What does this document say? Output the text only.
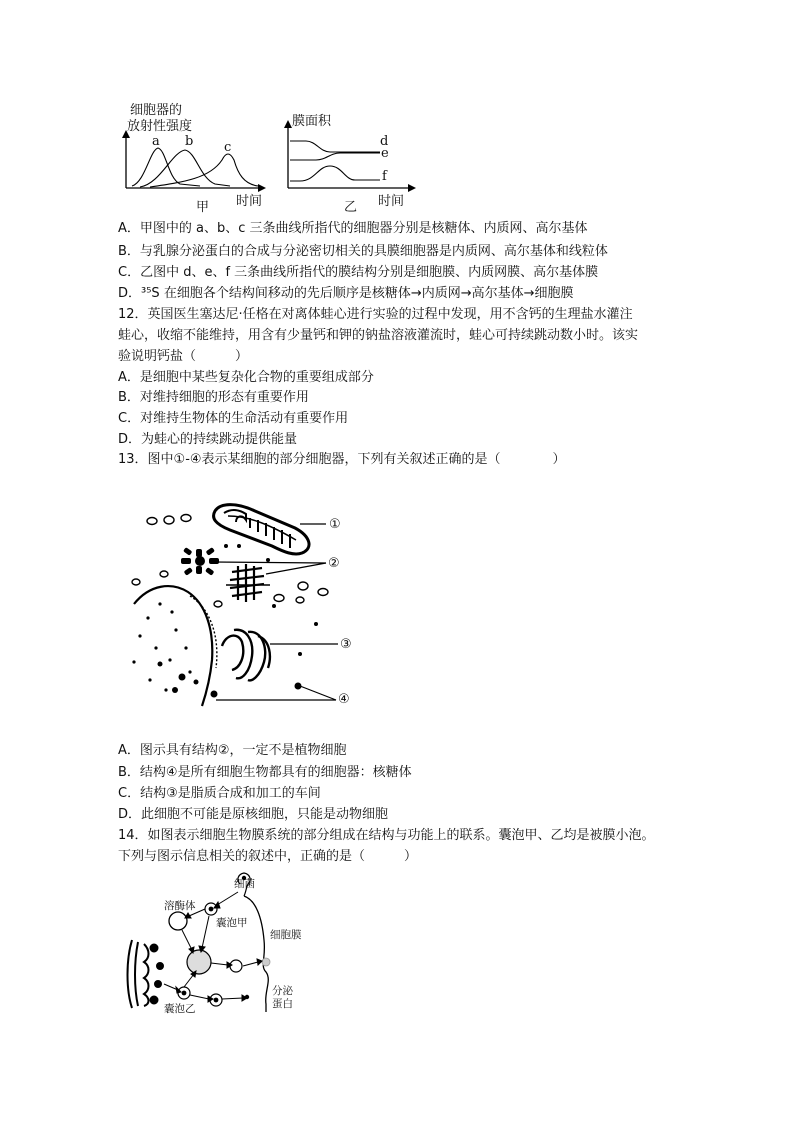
细胞器的
放射性强度
a b c
时间
甲
膜面积
d
e
f
时间
乙
A．甲图中的 a、b、c 三条曲线所指代的细胞器分别是核糖体、内质网、高尔基体
B．与乳腺分泌蛋白的合成与分泌密切相关的具膜细胞器是内质网、高尔基体和线粒体
C．乙图中 d、e、f 三条曲线所指代的膜结构分别是细胞膜、内质网膜、高尔基体膜
D．³⁵S 在细胞各个结构间移动的先后顺序是核糖体→内质网→高尔基体→细胞膜
12．英国医生塞达尼·任格在对离体蛙心进行实验的过程中发现，用不含钙的生理盐水灌注
蛙心，收缩不能维持，用含有少量钙和钾的钠盐溶液灌流时，蛙心可持续跳动数小时。该实
验说明钙盐（　　　）
A．是细胞中某些复杂化合物的重要组成部分
B．对维持细胞的形态有重要作用
C．对维持生物体的生命活动有重要作用
D．为蛙心的持续跳动提供能量
13．图中①-④表示某细胞的部分细胞器，下列有关叙述正确的是（　　　　）
①
②
③
④
A．图示具有结构②，一定不是植物细胞
B．结构④是所有细胞生物都具有的细胞器：核糖体
C．结构③是脂质合成和加工的车间
D．此细胞不可能是原核细胞，只能是动物细胞
14．如图表示细胞生物膜系统的部分组成在结构与功能上的联系。囊泡甲、乙均是被膜小泡。
下列与图示信息相关的叙述中，正确的是（　　　）
细菌
溶酶体
囊泡甲
细胞膜
囊泡乙
分泌
蛋白
